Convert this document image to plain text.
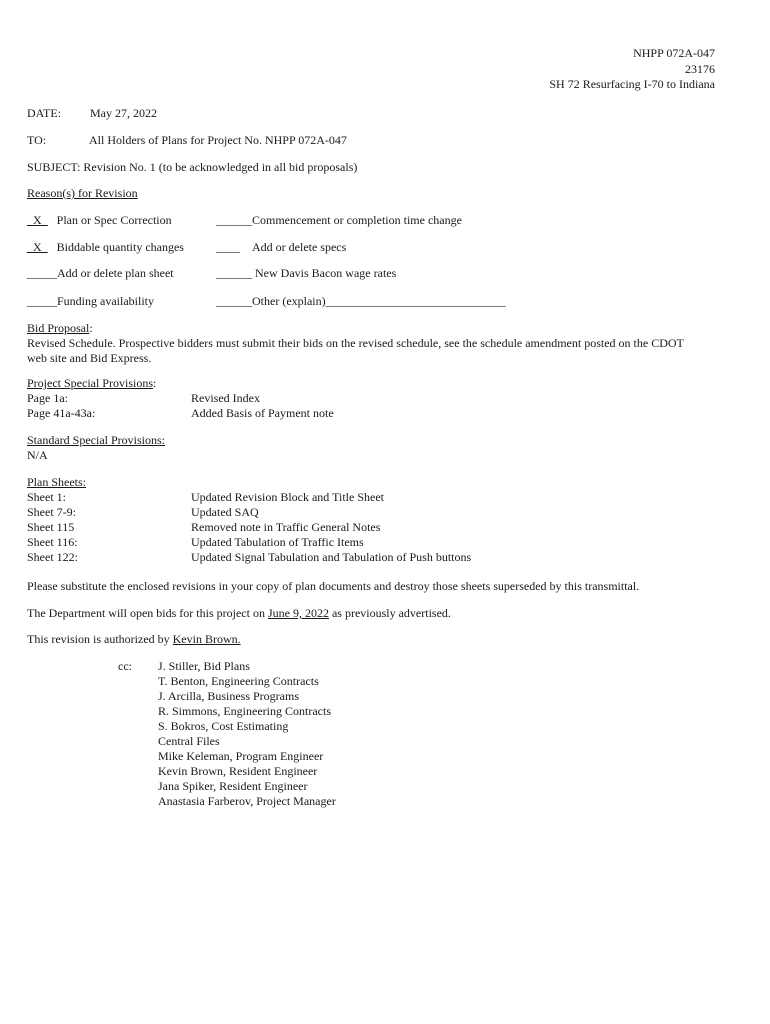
NHPP 072A-047
23176
SH 72 Resurfacing I-70 to Indiana
DATE: May 27, 2022
TO:	All Holders of Plans for Project No. NHPP 072A-047
SUBJECT: Revision No. 1 (to be acknowledged in all bid proposals)
Reason(s) for Revision
_X_ Plan or Spec Correction	______Commencement or completion time change
_X_ Biddable quantity changes	____ Add or delete specs
_____Add or delete plan sheet	______ New Davis Bacon wage rates
_____Funding availability	______Other (explain)______________________________
Bid Proposal:
Revised Schedule. Prospective bidders must submit their bids on the revised schedule, see the schedule amendment posted on the CDOT web site and Bid Express.
Project Special Provisions:
Page 1a:	Revised Index
Page 41a-43a:	Added Basis of Payment note
Standard Special Provisions:
N/A
Plan Sheets:
Sheet 1:	Updated Revision Block and Title Sheet
Sheet 7-9:	Updated SAQ
Sheet 115	Removed note in Traffic General Notes
Sheet 116:	Updated Tabulation of Traffic Items
Sheet 122:	Updated Signal Tabulation and Tabulation of Push buttons
Please substitute the enclosed revisions in your copy of plan documents and destroy those sheets superseded by this transmittal.
The Department will open bids for this project on June 9, 2022 as previously advertised.
This revision is authorized by Kevin Brown.
cc: J. Stiller, Bid Plans
T. Benton, Engineering Contracts
J. Arcilla, Business Programs
R. Simmons, Engineering Contracts
S. Bokros, Cost Estimating
Central Files
Mike Keleman, Program Engineer
Kevin Brown, Resident Engineer
Jana Spiker, Resident Engineer
Anastasia Farberov, Project Manager
